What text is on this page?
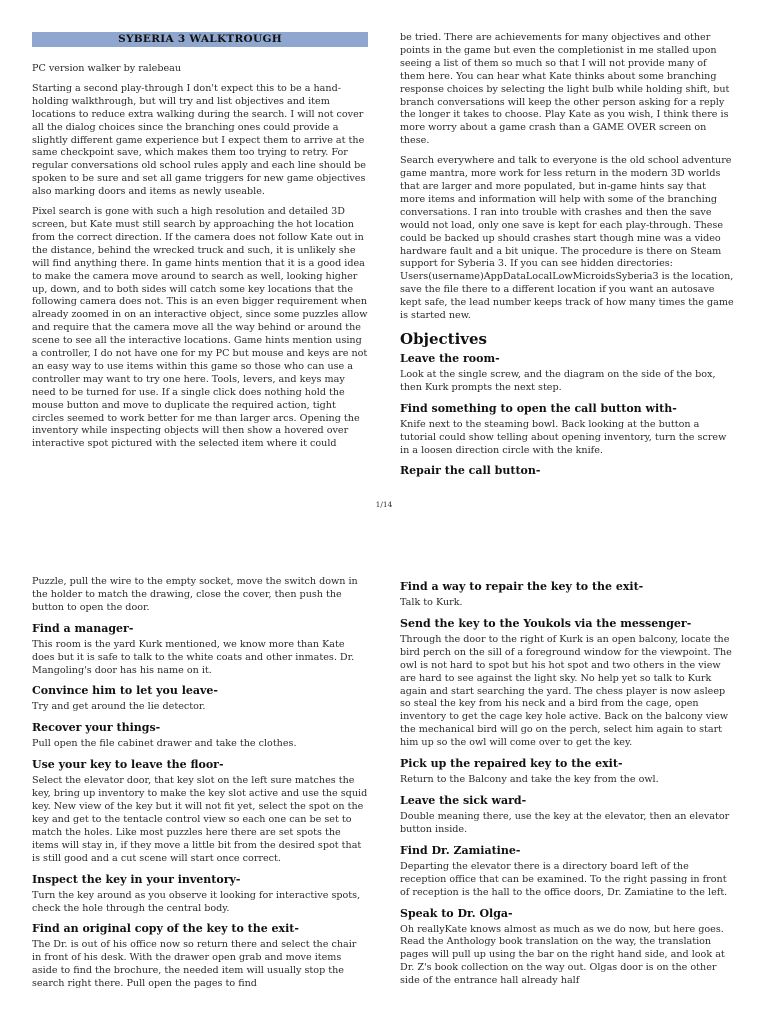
SYBERIA 3 WALKTROUGH

PC version walker by ralebeau

Starting a second play-through I don't expect this to be a hand-holding walkthrough, but will try and list objectives and item locations to reduce extra walking during the search. I will not cover all the dialog choices since the branching ones could provide a slightly different game experience but I expect them to arrive at the same checkpoint save, which makes them too trying to retry. For regular conversations old school rules apply and each line should be spoken to be sure and set all game triggers for new game objectives also marking doors and items as newly useable.

Pixel search is gone with such a high resolution and detailed 3D screen, but Kate must still search by approaching the hot location from the correct direction. If the camera does not follow Kate out in the distance, behind the wrecked truck and such, it is unlikely she will find anything there. In game hints mention that it is a good idea to make the camera move around to search as well, looking higher up, down, and to both sides will catch some key locations that the following camera does not. This is an even bigger requirement when already zoomed in on an interactive object, since some puzzles allow and require that the camera move all the way behind or around the scene to see all the interactive locations. Game hints mention using a controller, I do not have one for my PC but mouse and keys are not an easy way to use items within this game so those who can use a controller may want to try one here. Tools, levers, and keys may need to be turned for use. If a single click does nothing hold the mouse button and move to duplicate the required action, tight circles seemed to work better for me than larger arcs. Opening the inventory while inspecting objects will then show a hovered over interactive spot pictured with the selected item where it could

be tried. There are achievements for many objectives and other points in the game but even the completionist in me stalled upon seeing a list of them so much so that I will not provide many of them here. You can hear what Kate thinks about some branching response choices by selecting the light bulb while holding shift, but branch conversations will keep the other person asking for a reply the longer it takes to choose. Play Kate as you wish, I think there is more worry about a game crash than a GAME OVER screen on these.

Search everywhere and talk to everyone is the old school adventure game mantra, more work for less return in the modern 3D worlds that are larger and more populated, but in-game hints say that more items and information will help with some of the branching conversations. I ran into trouble with crashes and then the save would not load, only one save is kept for each play-through. These could be backed up should crashes start though mine was a video hardware fault and a bit unique. The procedure is there on Steam support for Syberia 3. If you can see hidden directories: Users(username)AppDataLocalLowMicroidsSyberia3 is the location, save the file there to a different location if you want an autosave kept safe, the lead number keeps track of how many times the game is started new.

Objectives
Leave the room-

Look at the single screw, and the diagram on the side of the box, then Kurk prompts the next step.

Find something to open the call button with-

Knife next to the steaming bowl. Back looking at the button a tutorial could show telling about opening inventory, turn the screw in a loosen direction circle with the knife.

Repair the call button-
1/14

Puzzle, pull the wire to the empty socket, move the switch down in the holder to match the drawing, close the cover, then push the button to open the door.

Find a manager-

This room is the yard Kurk mentioned, we know more than Kate does but it is safe to talk to the white coats and other inmates. Dr. Mangoling's door has his name on it.

Convince him to let you leave-

Try and get around the lie detector.

Recover your things-

Pull open the file cabinet drawer and take the clothes.

Use your key to leave the floor-

Select the elevator door, that key slot on the left sure matches the key, bring up inventory to make the key slot active and use the squid key. New view of the key but it will not fit yet, select the spot on the key and get to the tentacle control view so each one can be set to match the holes. Like most puzzles here there are set spots the items will stay in, if they move a little bit from the desired spot that is still good and a cut scene will start once correct.

Inspect the key in your inventory-

Turn the key around as you observe it looking for interactive spots, check the hole through the central body.

Find an original copy of the key to the exit-

The Dr. is out of his office now so return there and select the chair in front of his desk. With the drawer open grab and move items aside to find the brochure, the needed item will usually stop the search right there. Pull open the pages to find

Find a way to repair the key to the exit-

Talk to Kurk.

Send the key to the Youkols via the messenger-

Through the door to the right of Kurk is an open balcony, locate the bird perch on the sill of a foreground window for the viewpoint. The owl is not hard to spot but his hot spot and two others in the view are hard to see against the light sky. No help yet so talk to Kurk again and start searching the yard. The chess player is now asleep so steal the key from his neck and a bird from the cage, open inventory to get the cage key hole active. Back on the balcony view the mechanical bird will go on the perch, select him again to start him up so the owl will come over to get the key.

Pick up the repaired key to the exit-

Return to the Balcony and take the key from the owl.

Leave the sick ward-

Double meaning there, use the key at the elevator, then an elevator button inside.

Find Dr. Zamiatine-

Departing the elevator there is a directory board left of the reception office that can be examined. To the right passing in front of reception is the hall to the office doors, Dr. Zamiatine to the left.

Speak to Dr. Olga-

Oh reallyKate knows almost as much as we do now, but here goes. Read the Anthology book translation on the way, the translation pages will pull up using the bar on the right hand side, and look at Dr. Z's book collection on the way out. Olgas door is on the other side of the entrance hall already half
